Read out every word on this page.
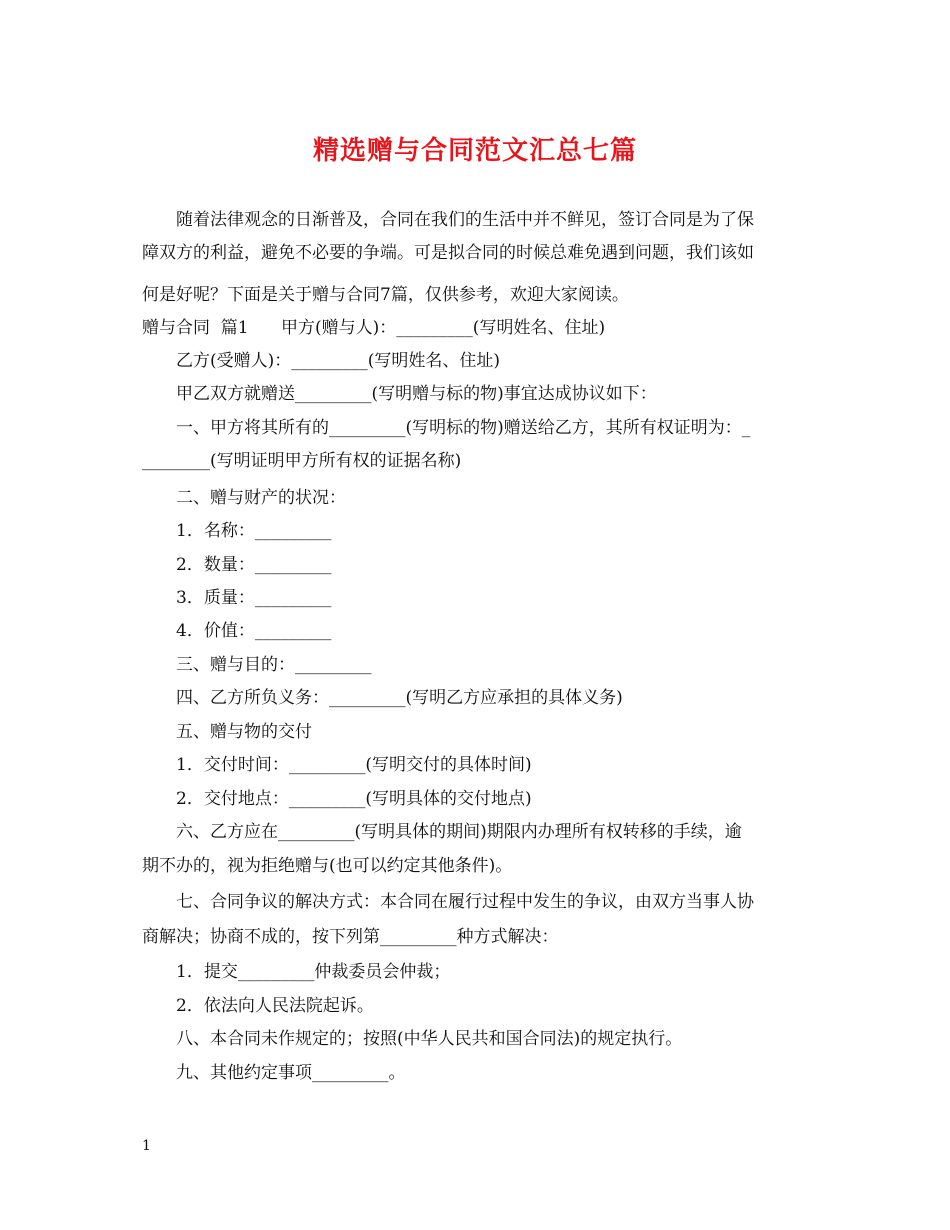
精选赠与合同范文汇总七篇
随着法律观念的日渐普及，合同在我们的生活中并不鲜见，签订合同是为了保
障双方的利益，避免不必要的争端。可是拟合同的时候总难免遇到问题，我们该如
何是好呢？下面是关于赠与合同7篇，仅供参考，欢迎大家阅读。
赠与合同  篇1      甲方(赠与人)：_________(写明姓名、住址)
乙方(受赠人)：_________(写明姓名、住址)
甲乙双方就赠送_________(写明赠与标的物)事宜达成协议如下：
一、甲方将其所有的_________(写明标的物)赠送给乙方，其所有权证明为：_
________(写明证明甲方所有权的证据名称)
二、赠与财产的状况：
1．名称：_________
2．数量：_________
3．质量：_________
4．价值：_________
三、赠与目的：_________
四、乙方所负义务：_________(写明乙方应承担的具体义务)
五、赠与物的交付
1．交付时间：_________(写明交付的具体时间)
2．交付地点：_________(写明具体的交付地点)
六、乙方应在_________(写明具体的期间)期限内办理所有权转移的手续，逾
期不办的，视为拒绝赠与(也可以约定其他条件)。
七、合同争议的解决方式：本合同在履行过程中发生的争议，由双方当事人协
商解决；协商不成的，按下列第_________种方式解决：
1．提交_________仲裁委员会仲裁；
2．依法向人民法院起诉。
八、本合同未作规定的；按照(中华人民共和国合同法)的规定执行。
九、其他约定事项_________。
1
